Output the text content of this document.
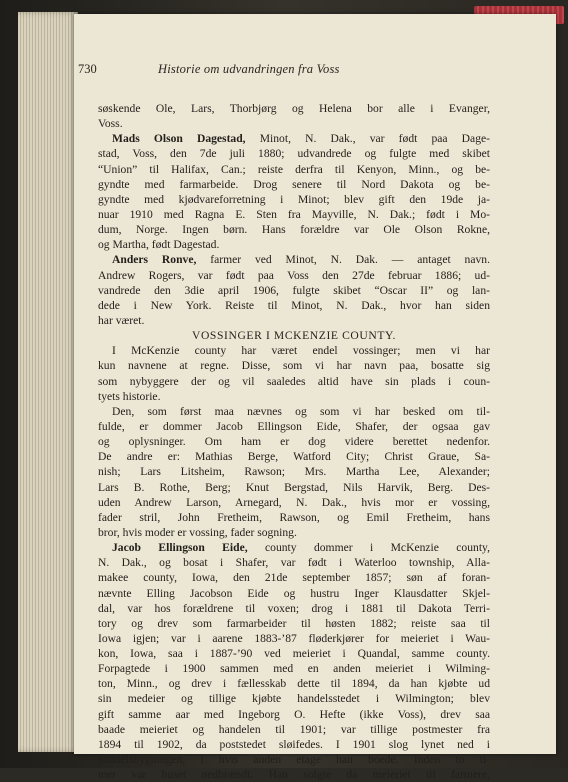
730	Historie om udvandringen fra Voss
søskende Ole, Lars, Thorbjørg og Helena bor alle i Evanger,
Voss.
Mads Olson Dagestad, Minot, N. Dak., var født paa Dage-
stad, Voss, den 7de juli 1880; udvandrede og fulgte med skibet
“Union” til Halifax, Can.; reiste derfra til Kenyon, Minn., og be-
gyndte med farmarbeide. Drog senere til Nord Dakota og be-
gyndte med kjødvareforretning i Minot; blev gift den 19de ja-
nuar 1910 med Ragna E. Sten fra Mayville, N. Dak.; født i Mo-
dum, Norge. Ingen børn. Hans forældre var Ole Olson Rokne,
og Martha, født Dagestad.
Anders Ronve, farmer ved Minot, N. Dak. — antaget navn.
Andrew Rogers, var født paa Voss den 27de februar 1886; ud-
vandrede den 3die april 1906, fulgte skibet “Oscar II” og lan-
dede i New York. Reiste til Minot, N. Dak., hvor han siden
har været.
VOSSINGER I MCKENZIE COUNTY.
I McKenzie county har været endel vossinger; men vi har
kun navnene at regne. Disse, som vi har navn paa, bosatte sig
som nybyggere der og vil saaledes altid have sin plads i coun-
tyets historie.
Den, som først maa nævnes og som vi har besked om til-
fulde, er dommer Jacob Ellingson Eide, Shafer, der ogsaa gav
og oplysninger. Om ham er dog videre berettet nedenfor.
De andre er: Mathias Berge, Watford City; Christ Graue, Sa-
nish; Lars Litsheim, Rawson; Mrs. Martha Lee, Alexander;
Lars B. Rothe, Berg; Knut Bergstad, Nils Harvik, Berg. Des-
uden Andrew Larson, Arnegard, N. Dak., hvis mor er vossing,
fader stril, John Fretheim, Rawson, og Emil Fretheim, hans
bror, hvis moder er vossing, fader sogning.
Jacob Ellingson Eide, county dommer i McKenzie county,
N. Dak., og bosat i Shafer, var født i Waterloo township, Alla-
makee county, Iowa, den 21de september 1857; søn af foran-
nævnte Elling Jacobson Eide og hustru Inger Klausdatter Skjel-
dal, var hos forældrene til voxen; drog i 1881 til Dakota Terri-
tory og drev som farmarbeider til høsten 1882; reiste saa til
Iowa igjen; var i aarene 1883-’87 fløderkjører for meieriet i Wau-
kon, Iowa, saa i 1887-’90 ved meieriet i Quandal, samme county.
Forpagtede i 1900 sammen med en anden meieriet i Wilming-
ton, Minn., og drev i fællesskab dette til 1894, da han kjøbte ud
sin medeier og tillige kjøbte handelsstedet i Wilmington; blev
gift samme aar med Ingeborg O. Hefte (ikke Voss), drev saa
baade meieriet og handelen til 1901; var tillige postmester fra
1894 til 1902, da poststedet sløifedes. I 1901 slog lynet ned i
handelsbygningen, i hvis anden etage han boede. Inden to ti-
mer var huset nedbrændt. Han solgte da meieriet til farmere,
